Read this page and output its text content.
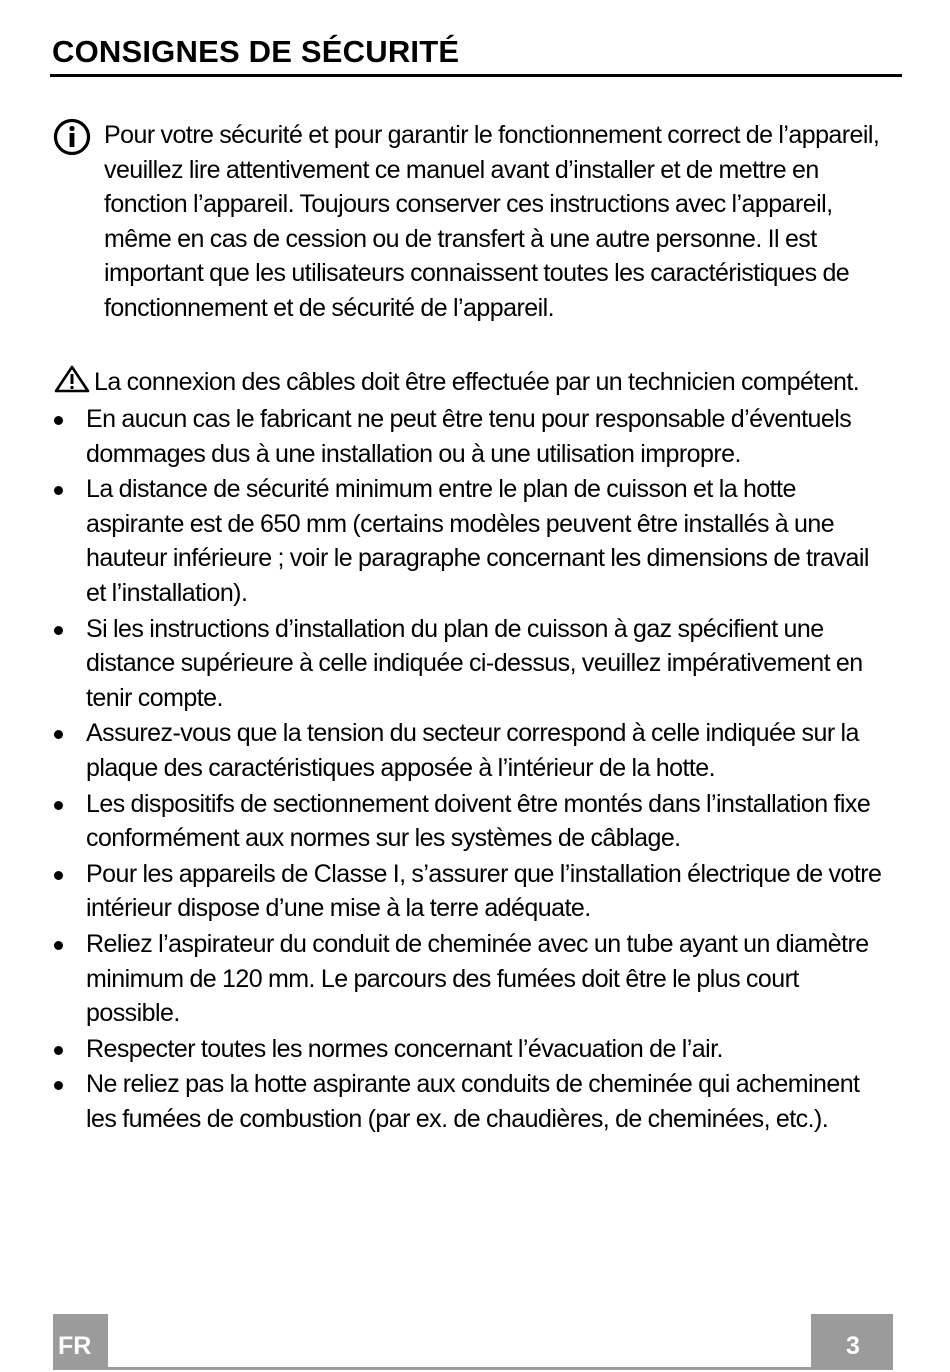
CONSIGNES DE SÉCURITÉ

Pour votre sécurité et pour garantir le fonctionnement correct de l’appareil, veuillez lire attentivement ce manuel avant d’installer et de mettre en fonction l’appareil. Toujours conserver ces instructions avec l’appareil, même en cas de cession ou de transfert à une autre personne. Il est important que les utilisateurs connaissent toutes les caractéristiques de fonctionnement et de sécurité de l’appareil.

La connexion des câbles doit être effectuée par un technicien compétent.
En aucun cas le fabricant ne peut être tenu pour responsable d’éventuels dommages dus à une installation ou à une utilisation impropre.
La distance de sécurité minimum entre le plan de cuisson et la hotte aspirante est de 650 mm (certains modèles peuvent être installés à une hauteur inférieure ; voir le paragraphe concernant les dimensions de travail et l’installation).
Si les instructions d’installation du plan de cuisson à gaz spécifient une distance supérieure à celle indiquée ci-dessus, veuillez impérativement en tenir compte.
Assurez-vous que la tension du secteur correspond à celle indiquée sur la plaque des caractéristiques apposée à l’intérieur de la hotte.
Les dispositifs de sectionnement doivent être montés dans l’installation fixe conformément aux normes sur les systèmes de câblage.
Pour les appareils de Classe I, s’assurer que l’installation électrique de votre intérieur dispose d’une mise à la terre adéquate.
Reliez l’aspirateur du conduit de cheminée avec un tube ayant un diamètre minimum de 120 mm. Le parcours des fumées doit être le plus court possible.
Respecter toutes les normes concernant l’évacuation de l’air.
Ne reliez pas la hotte aspirante aux conduits de cheminée qui acheminent les fumées de combustion (par ex. de chaudières, de cheminées, etc.).
FR	3
